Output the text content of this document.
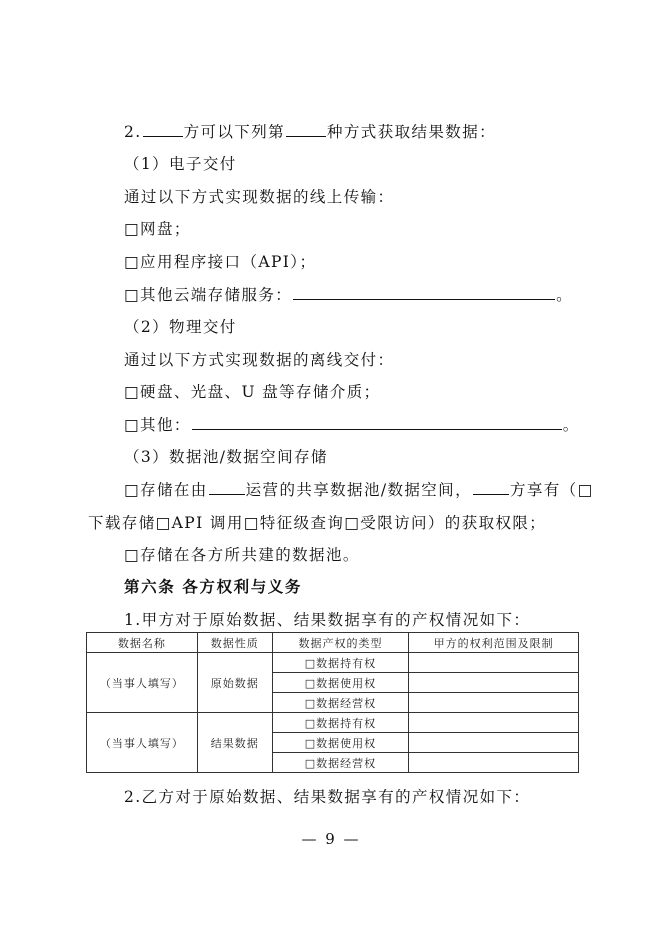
2.	方可以下列第	种方式获取结果数据：
（1）电子交付
通过以下方式实现数据的线上传输：
□网盘；
□应用程序接口（API）；
□其他云端存储服务：	。
（2）物理交付
通过以下方式实现数据的离线交付：
□硬盘、光盘、U 盘等存储介质；
□其他：	。
（3）数据池/数据空间存储
□存储在由 运营的共享数据池/数据空间， 方享有（□
下载存储□API 调用□特征级查询□受限访问）的获取权限；
□存储在各方所共建的数据池。
第六条 各方权利与义务
1.甲方对于原始数据、结果数据享有的产权情况如下：
数据名称	数据性质	数据产权的类型	甲方的权利范围及限制
（当事人填写）	原始数据	□数据持有权	
		□数据使用权	
		□数据经营权	
（当事人填写）	结果数据	□数据持有权	
		□数据使用权	
		□数据经营权	
2.乙方对于原始数据、结果数据享有的产权情况如下：
— 9 —
